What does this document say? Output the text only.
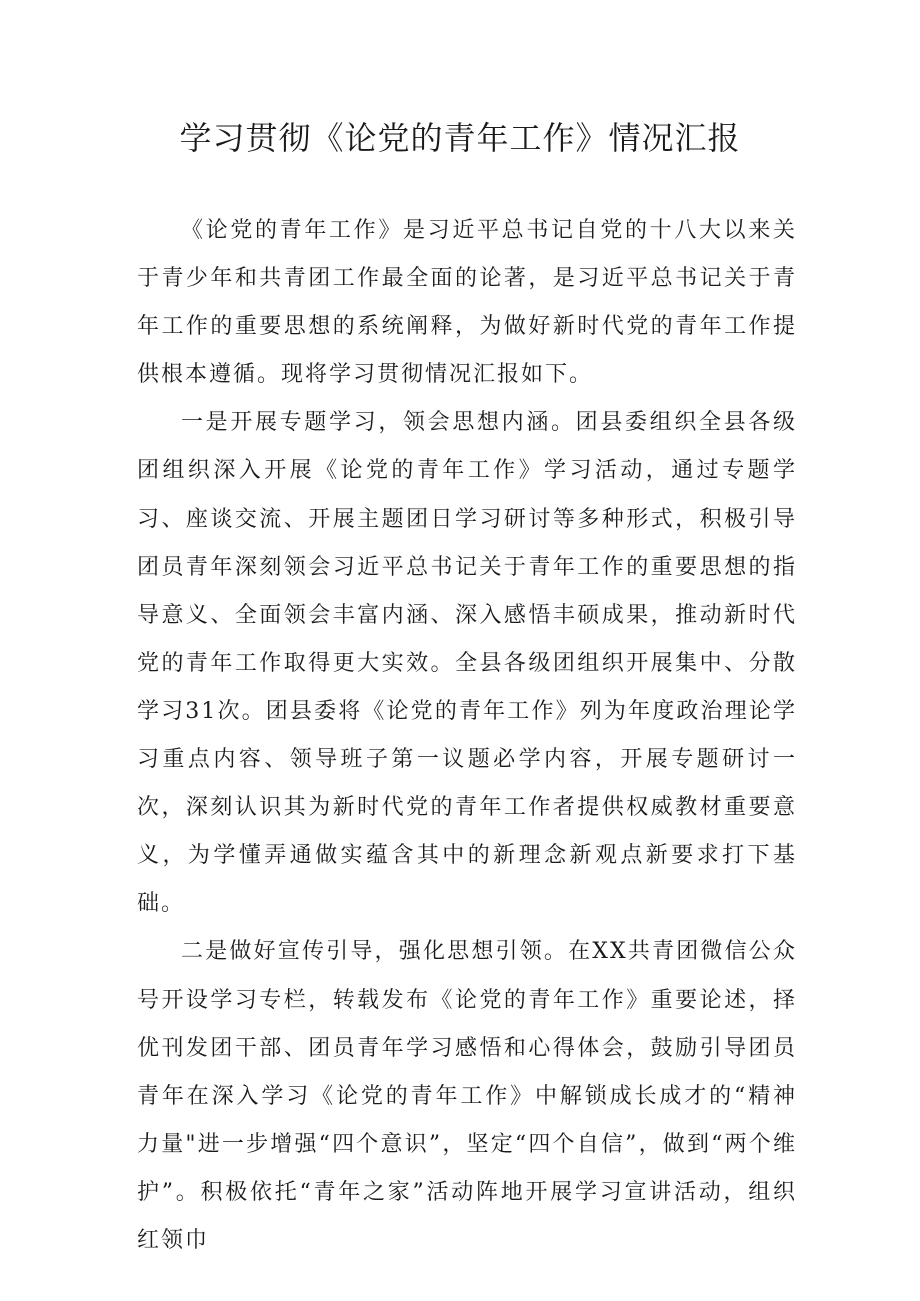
学习贯彻《论党的青年工作》情况汇报

《论党的青年工作》是习近平总书记自党的十八大以来关于青少年和共青团工作最全面的论著，是习近平总书记关于青年工作的重要思想的系统阐释，为做好新时代党的青年工作提供根本遵循。现将学习贯彻情况汇报如下。

一是开展专题学习，领会思想内涵。团县委组织全县各级团组织深入开展《论党的青年工作》学习活动，通过专题学习、座谈交流、开展主题团日学习研讨等多种形式，积极引导团员青年深刻领会习近平总书记关于青年工作的重要思想的指导意义、全面领会丰富内涵、深入感悟丰硕成果，推动新时代党的青年工作取得更大实效。全县各级团组织开展集中、分散学习31次。团县委将《论党的青年工作》列为年度政治理论学习重点内容、领导班子第一议题必学内容，开展专题研讨一次，深刻认识其为新时代党的青年工作者提供权威教材重要意义，为学懂弄通做实蕴含其中的新理念新观点新要求打下基础。

二是做好宣传引导，强化思想引领。在XX共青团微信公众号开设学习专栏，转载发布《论党的青年工作》重要论述，择优刊发团干部、团员青年学习感悟和心得体会，鼓励引导团员青年在深入学习《论党的青年工作》中解锁成长成才的“精神力量"进一步增强“四个意识”，坚定“四个自信”，做到“两个维护”。积极依托“青年之家”活动阵地开展学习宣讲活动，组织红领巾
